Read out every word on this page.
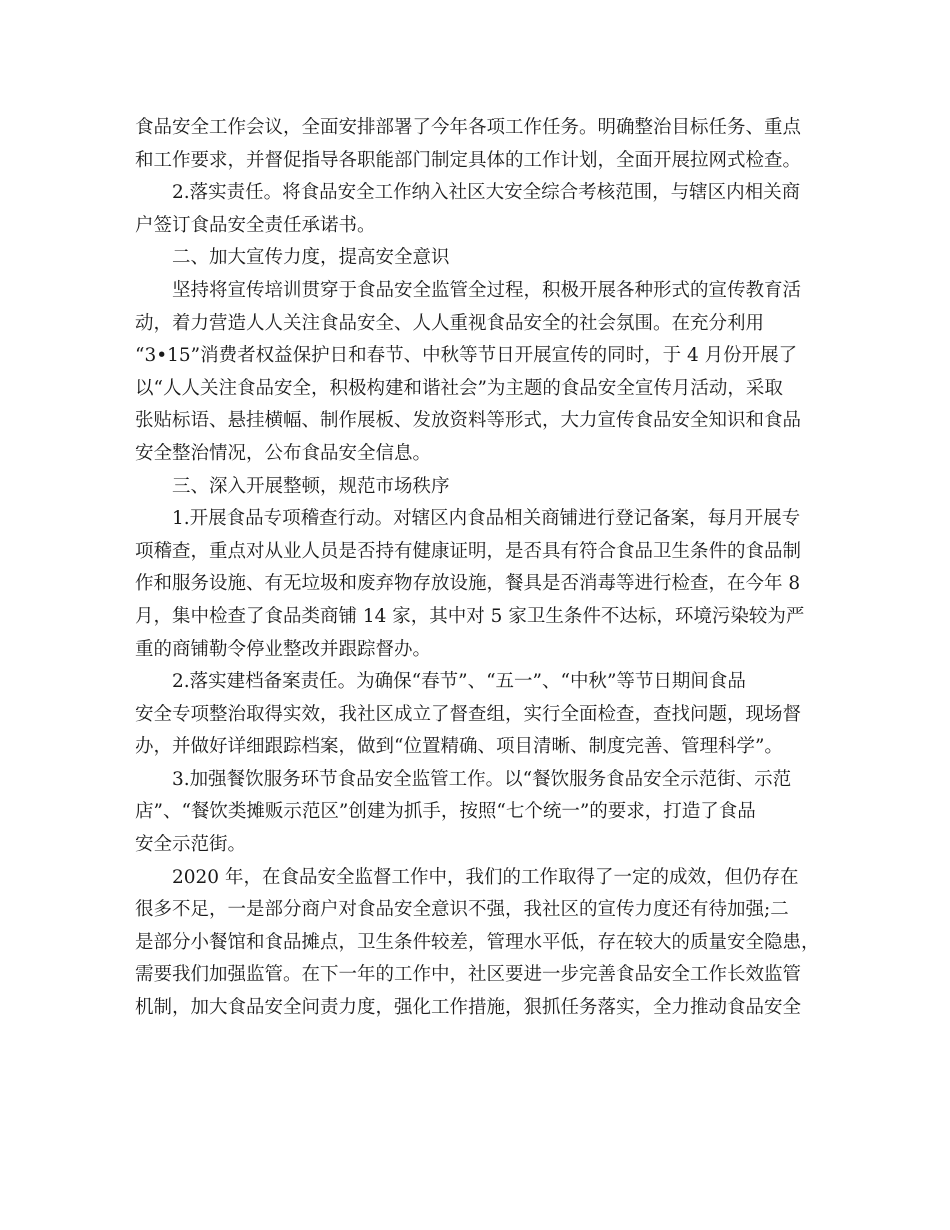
食品安全工作会议，全面安排部署了今年各项工作任务。明确整治目标任务、重点
和工作要求，并督促指导各职能部门制定具体的工作计划，全面开展拉网式检查。
2.落实责任。将食品安全工作纳入社区大安全综合考核范围，与辖区内相关商
户签订食品安全责任承诺书。
二、加大宣传力度，提高安全意识
坚持将宣传培训贯穿于食品安全监管全过程，积极开展各种形式的宣传教育活
动，着力营造人人关注食品安全、人人重视食品安全的社会氛围。在充分利用
“3•15”消费者权益保护日和春节、中秋等节日开展宣传的同时，于 4 月份开展了
以“人人关注食品安全，积极构建和谐社会”为主题的食品安全宣传月活动，采取
张贴标语、悬挂横幅、制作展板、发放资料等形式，大力宣传食品安全知识和食品
安全整治情况，公布食品安全信息。
三、深入开展整顿，规范市场秩序
1.开展食品专项稽查行动。对辖区内食品相关商铺进行登记备案，每月开展专
项稽查，重点对从业人员是否持有健康证明，是否具有符合食品卫生条件的食品制
作和服务设施、有无垃圾和废弃物存放设施，餐具是否消毒等进行检查，在今年 8
月，集中检查了食品类商铺 14 家，其中对 5 家卫生条件不达标，环境污染较为严
重的商铺勒令停业整改并跟踪督办。
2.落实建档备案责任。为确保“春节”、“五一”、“中秋”等节日期间食品
安全专项整治取得实效，我社区成立了督查组，实行全面检查，查找问题，现场督
办，并做好详细跟踪档案，做到“位置精确、项目清晰、制度完善、管理科学”。
3.加强餐饮服务环节食品安全监管工作。以“餐饮服务食品安全示范街、示范
店”、“餐饮类摊贩示范区”创建为抓手，按照“七个统一”的要求，打造了食品
安全示范街。
2020 年，在食品安全监督工作中，我们的工作取得了一定的成效，但仍存在
很多不足，一是部分商户对食品安全意识不强，我社区的宣传力度还有待加强;二
是部分小餐馆和食品摊点，卫生条件较差，管理水平低，存在较大的质量安全隐患，
需要我们加强监管。在下一年的工作中，社区要进一步完善食品安全工作长效监管
机制，加大食品安全问责力度，强化工作措施，狠抓任务落实，全力推动食品安全
